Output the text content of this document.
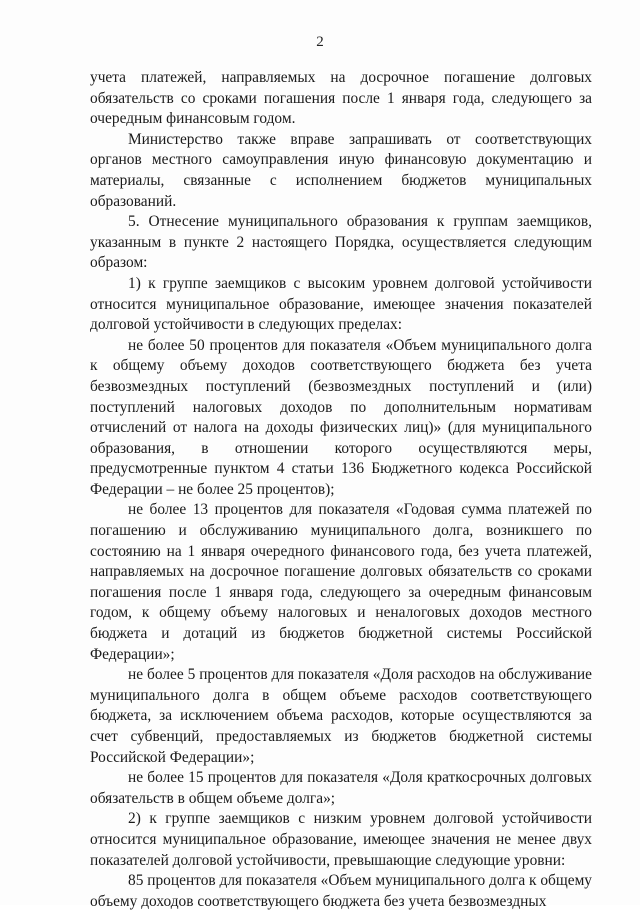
2

учета платежей, направляемых на досрочное погашение долговых обязательств со сроками погашения после 1 января года, следующего за очередным финансовым годом.

Министерство также вправе запрашивать от соответствующих органов местного самоуправления иную финансовую документацию и материалы, связанные с исполнением бюджетов муниципальных образований.

5. Отнесение муниципального образования к группам заемщиков, указанным в пункте 2 настоящего Порядка, осуществляется следующим образом:

1) к группе заемщиков с высоким уровнем долговой устойчивости относится муниципальное образование, имеющее значения показателей долговой устойчивости в следующих пределах:

не более 50 процентов для показателя «Объем муниципального долга к общему объему доходов соответствующего бюджета без учета безвозмездных поступлений (безвозмездных поступлений и (или) поступлений налоговых доходов по дополнительным нормативам отчислений от налога на доходы физических лиц)» (для муниципального образования, в отношении которого осуществляются меры, предусмотренные пунктом 4 статьи 136 Бюджетного кодекса Российской Федерации – не более 25 процентов);

не более 13 процентов для показателя «Годовая сумма платежей по погашению и обслуживанию муниципального долга, возникшего по состоянию на 1 января очередного финансового года, без учета платежей, направляемых на досрочное погашение долговых обязательств со сроками погашения после 1 января года, следующего за очередным финансовым годом, к общему объему налоговых и неналоговых доходов местного бюджета и дотаций из бюджетов бюджетной системы Российской Федерации»;

не более 5 процентов для показателя «Доля расходов на обслуживание муниципального долга в общем объеме расходов соответствующего бюджета, за исключением объема расходов, которые осуществляются за счет субвенций, предоставляемых из бюджетов бюджетной системы Российской Федерации»;

не более 15 процентов для показателя «Доля краткосрочных долговых обязательств в общем объеме долга»;

2) к группе заемщиков с низким уровнем долговой устойчивости относится муниципальное образование, имеющее значения не менее двух показателей долговой устойчивости, превышающие следующие уровни:

85 процентов для показателя «Объем муниципального долга к общему объему доходов соответствующего бюджета без учета безвозмездных
